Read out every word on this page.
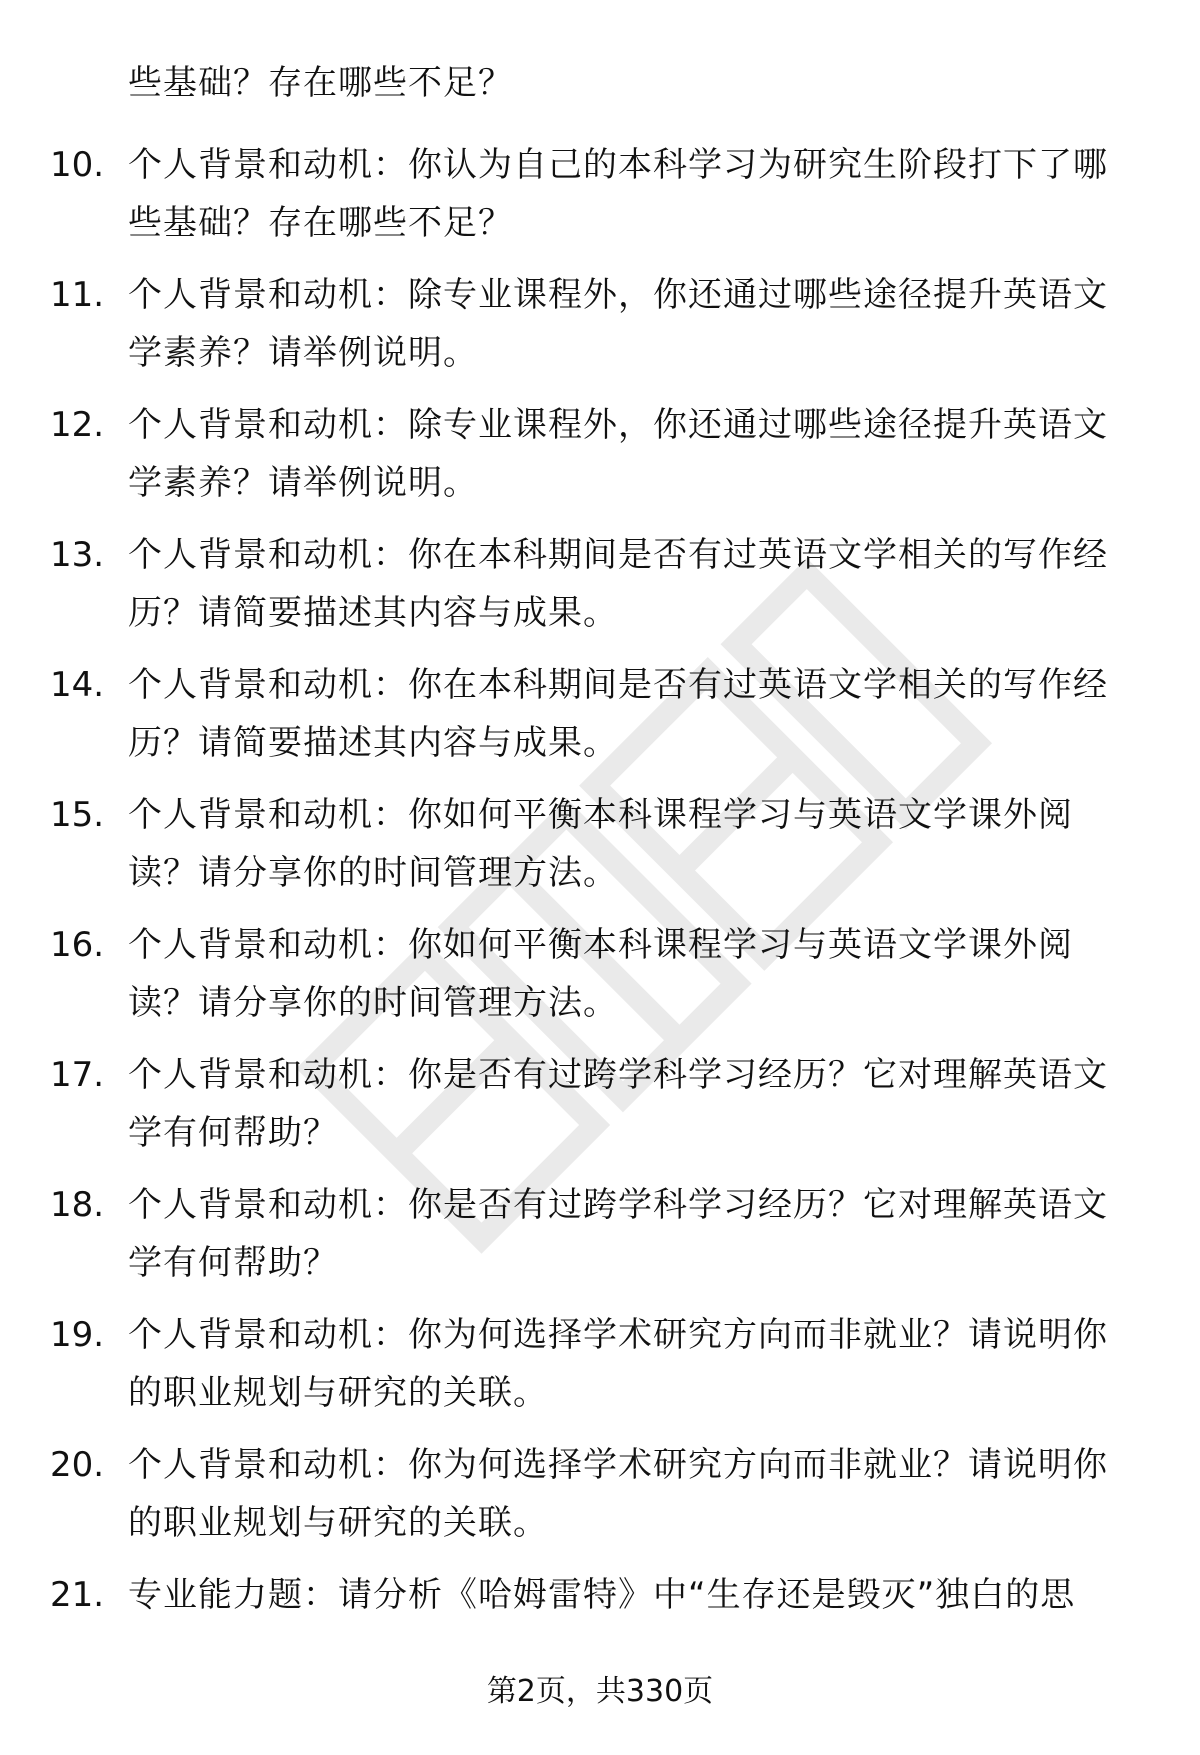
些基础？存在哪些不足？
10. 个人背景和动机：你认为自己的本科学习为研究生阶段打下了哪
些基础？存在哪些不足？
11. 个人背景和动机：除专业课程外，你还通过哪些途径提升英语文
学素养？请举例说明。
12. 个人背景和动机：除专业课程外，你还通过哪些途径提升英语文
学素养？请举例说明。
13. 个人背景和动机：你在本科期间是否有过英语文学相关的写作经
历？请简要描述其内容与成果。
14. 个人背景和动机：你在本科期间是否有过英语文学相关的写作经
历？请简要描述其内容与成果。
15. 个人背景和动机：你如何平衡本科课程学习与英语文学课外阅
读？请分享你的时间管理方法。
16. 个人背景和动机：你如何平衡本科课程学习与英语文学课外阅
读？请分享你的时间管理方法。
17. 个人背景和动机：你是否有过跨学科学习经历？它对理解英语文
学有何帮助？
18. 个人背景和动机：你是否有过跨学科学习经历？它对理解英语文
学有何帮助？
19. 个人背景和动机：你为何选择学术研究方向而非就业？请说明你
的职业规划与研究的关联。
20. 个人背景和动机：你为何选择学术研究方向而非就业？请说明你
的职业规划与研究的关联。
21. 专业能力题：请分析《哈姆雷特》中“生存还是毁灭”独白的思
第2页，共330页
